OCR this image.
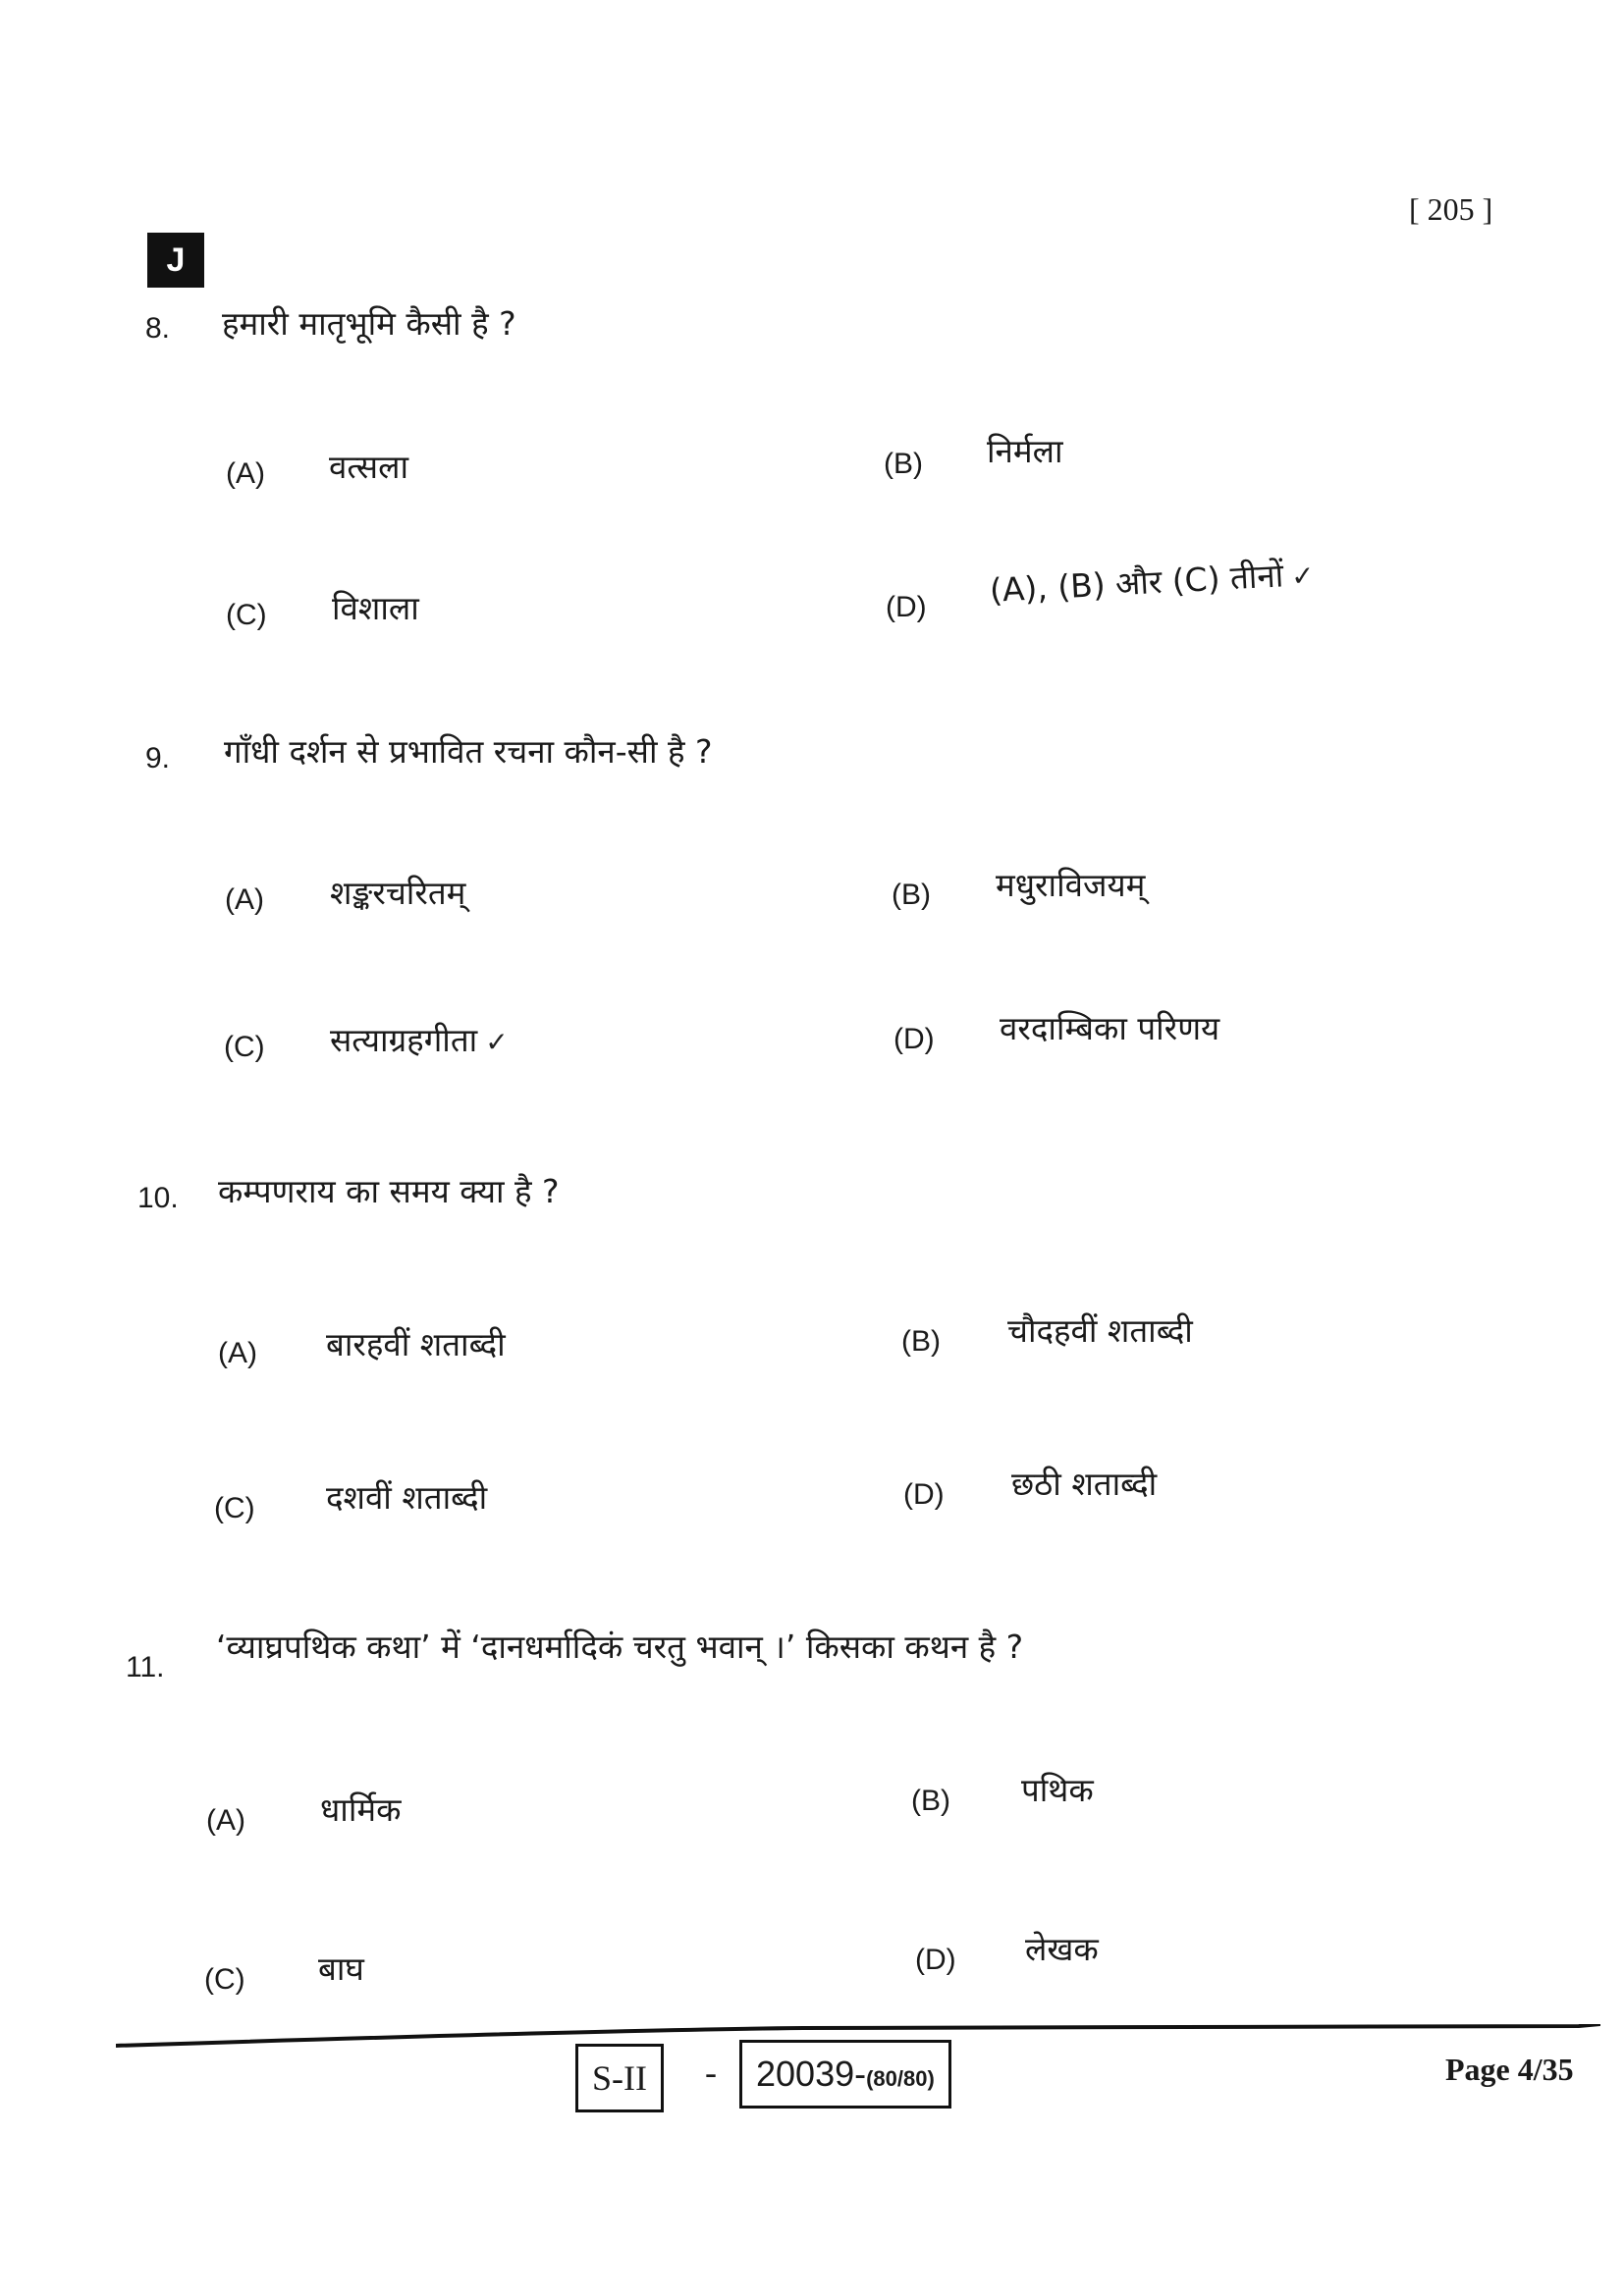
[ 205 ]
J
8. हमारी मातृभूमि कैसी है ?
(A) वत्सला	(B) निर्मला
(C) विशाला	(D) (A), (B) और (C) तीनों ✓
9. गाँधी दर्शन से प्रभावित रचना कौन-सी है ?
(A) शङ्करचरितम्	(B) मधुराविजयम्
(C) सत्याग्रहगीता ✓	(D) वरदाम्बिका परिणय
10. कम्पणराय का समय क्या है ?
(A) बारहवीं शताब्दी	(B) चौदहवीं शताब्दी
(C) दशवीं शताब्दी	(D) छठी शताब्दी
11.
‘व्याघ्रपथिक कथा’ में ‘दानधर्मादिकं चरतु भवान् ।’ किसका कथन है ?
(A) धार्मिक	(B) पथिक
(C) बाघ	(D) लेखक
S-II	-	20039-(80/80)	Page 4/35
